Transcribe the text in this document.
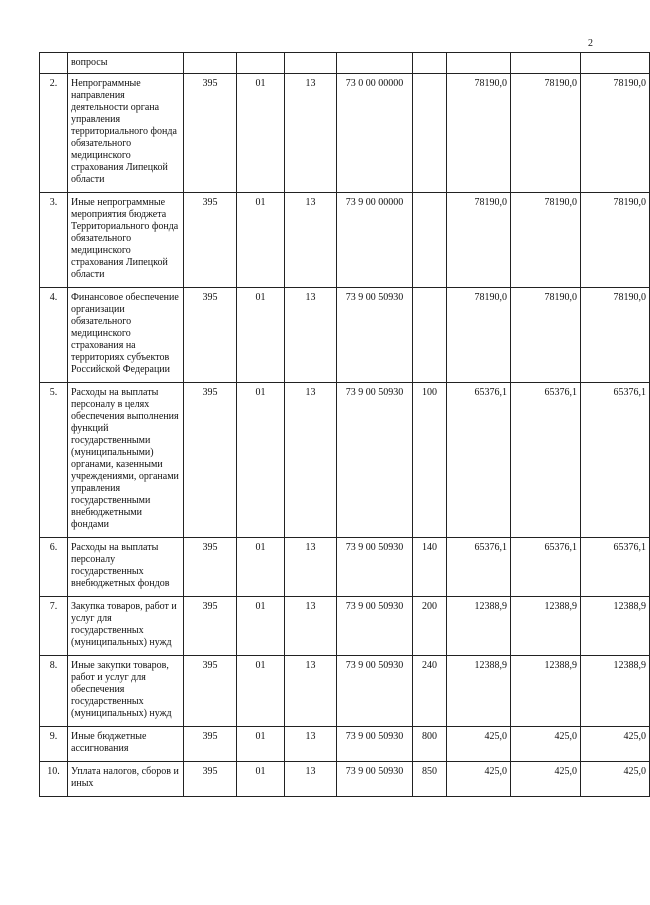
2
	вопросы								
2.	Непрограммные направления деятельности органа управления территориального фонда обязательного медицинского страхования Липецкой области	395	01	13	73 0 00 00000		78190,0	78190,0	78190,0
3.	Иные непрограммные мероприятия бюджета Территориального фонда обязательного медицинского страхования Липецкой области	395	01	13	73 9 00 00000		78190,0	78190,0	78190,0
4.	Финансовое обеспечение организации обязательного медицинского страхования на территориях субъектов Российской Федерации	395	01	13	73 9 00 50930		78190,0	78190,0	78190,0
5.	Расходы на выплаты персоналу в целях обеспечения выполнения функций государственными (муниципальными) органами, казенными учреждениями, органами управления государственными внебюджетными фондами	395	01	13	73 9 00 50930	100	65376,1	65376,1	65376,1
6.	Расходы на выплаты персоналу государственных внебюджетных фондов	395	01	13	73 9 00 50930	140	65376,1	65376,1	65376,1
7.	Закупка товаров, работ и услуг для государственных (муниципальных) нужд	395	01	13	73 9 00 50930	200	12388,9	12388,9	12388,9
8.	Иные закупки товаров, работ и услуг для обеспечения государственных (муниципальных) нужд	395	01	13	73 9 00 50930	240	12388,9	12388,9	12388,9
9.	Иные бюджетные ассигнования	395	01	13	73 9 00 50930	800	425,0	425,0	425,0
10.	Уплата налогов, сборов и иных	395	01	13	73 9 00 50930	850	425,0	425,0	425,0
